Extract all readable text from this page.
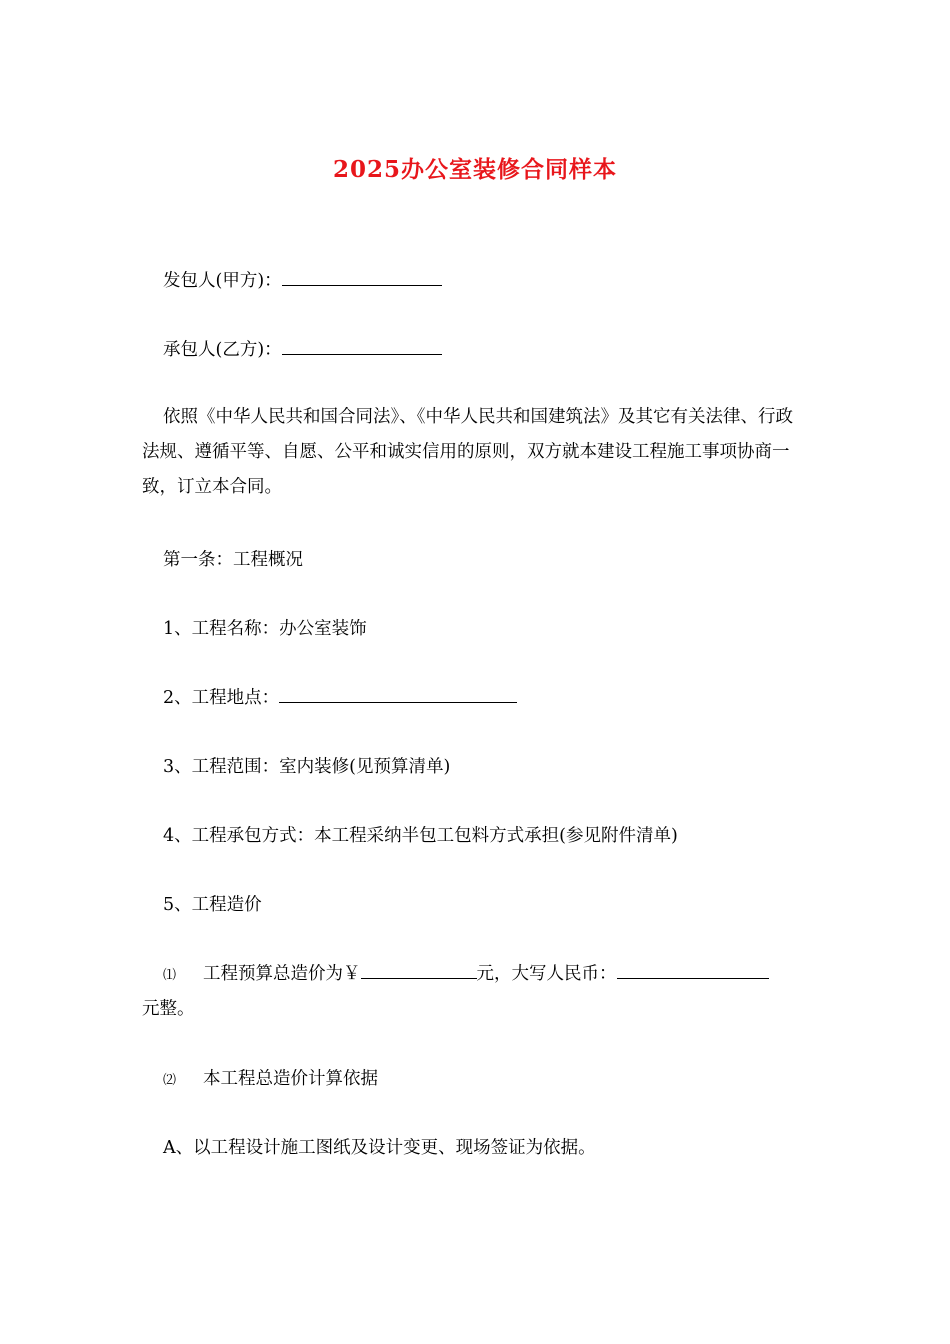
2025办公室装修合同样本
发包人(甲方)：
承包人(乙方)：
依照《中华人民共和国合同法》、《中华人民共和国建筑法》及其它有关法律、行政法规、遵循平等、自愿、公平和诚实信用的原则，双方就本建设工程施工事项协商一致，订立本合同。
第一条：工程概况
1、工程名称：办公室装饰
2、工程地点：
3、工程范围：室内装修(见预算清单)
4、工程承包方式：本工程采纳半包工包料方式承担(参见附件清单)
5、工程造价
⑴ 工程预算总造价为￥	元，大写人民币：
元整。
⑵ 本工程总造价计算依据
A、以工程设计施工图纸及设计变更、现场签证为依据。
